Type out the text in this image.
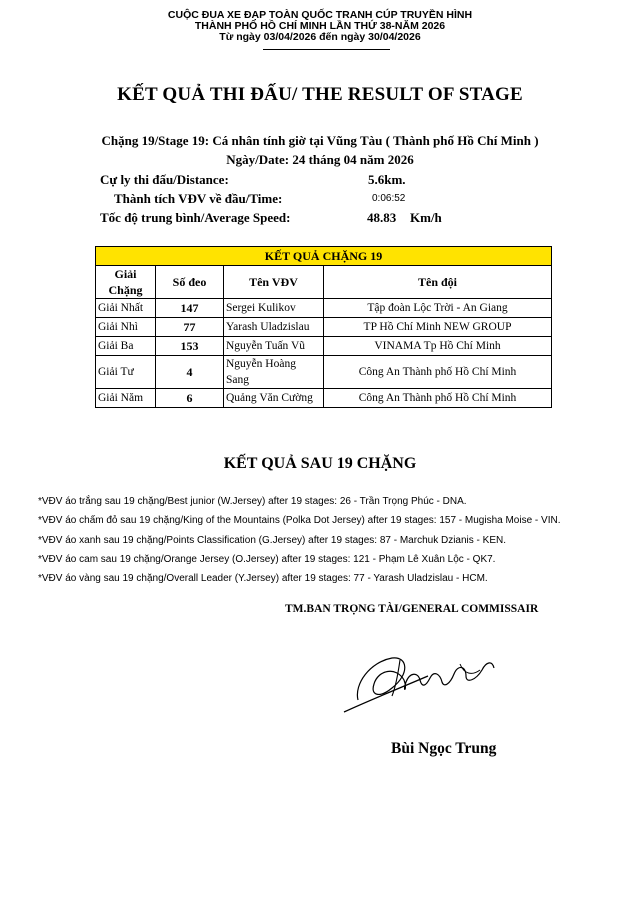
CUỘC ĐUA XE ĐẠP TOÀN QUỐC TRANH CÚP TRUYỀN HÌNH
THÀNH PHỐ HỒ CHÍ MINH LẦN THỨ 38-NĂM 2026
Từ ngày 03/04/2026 đến ngày 30/04/2026
KẾT QUẢ THI ĐẤU/ THE RESULT OF STAGE
Chặng 19/Stage 19: Cá nhân tính giờ tại Vũng Tàu ( Thành phố Hồ Chí Minh )
Ngày/Date: 24 tháng 04 năm 2026
Cự ly thi đấu/Distance:	5.6km.
Thành tích VĐV về đầu/Time:	0:06:52
Tốc độ trung bình/Average Speed:	48.83 Km/h
KẾT QUẢ CHẶNG 19			
Giải Chặng	Số đeo	Tên VĐV	Tên đội
Giải Nhất	147	Sergei Kulikov	Tập đoàn Lộc Trời - An Giang
Giải Nhì	77	Yarash Uladzislau	TP Hồ Chí Minh NEW GROUP
Giải Ba	153	Nguyễn Tuấn Vũ	VINAMA Tp Hồ Chí Minh
Giải Tư	4	Nguyễn Hoàng Sang	Công An Thành phố Hồ Chí Minh
Giải Năm	6	Quảng Văn Cường	Công An Thành phố Hồ Chí Minh
KẾT QUẢ SAU 19 CHẶNG
*VĐV áo trắng sau 19 chặng/Best junior (W.Jersey) after 19 stages: 26 - Trần Trọng Phúc - DNA.
*VĐV áo chấm đỏ sau 19 chặng/King of the Mountains (Polka Dot Jersey) after 19 stages: 157 - Mugisha Moise - VIN.
*VĐV áo xanh sau 19 chặng/Points Classification (G.Jersey) after 19 stages: 87 - Marchuk Dzianis - KEN.
*VĐV áo cam sau 19 chặng/Orange Jersey (O.Jersey) after 19 stages: 121 - Phạm Lê Xuân Lộc - QK7.
*VĐV áo vàng sau 19 chặng/Overall Leader (Y.Jersey) after 19 stages: 77 - Yarash Uladzislau - HCM.
TM.BAN TRỌNG TÀI/GENERAL COMMISSAIR
Bùi Ngọc Trung
